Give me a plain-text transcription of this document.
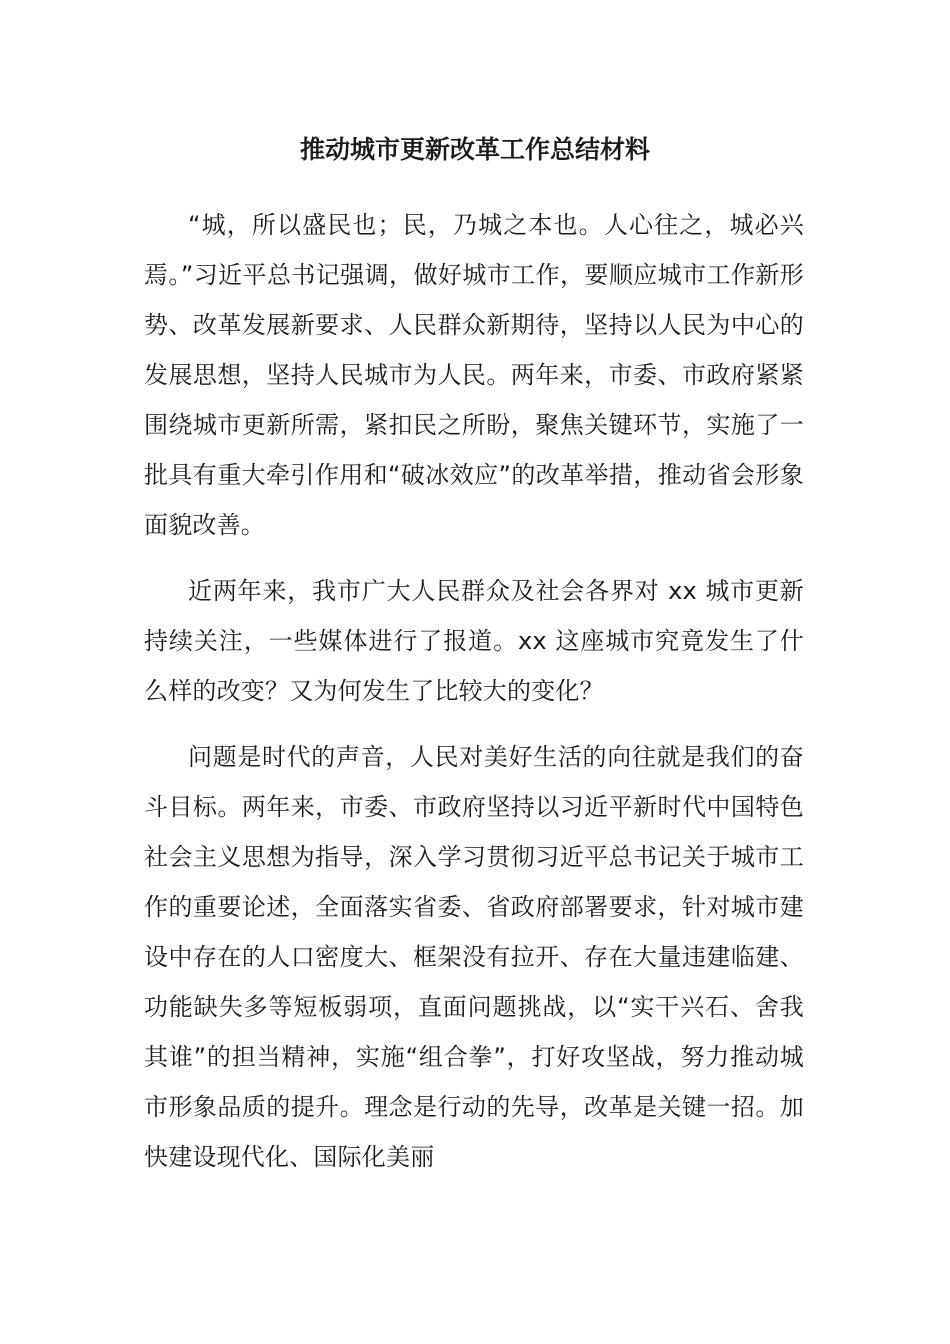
推动城市更新改革工作总结材料

“城，所以盛民也；民，乃城之本也。人心往之，城必兴焉。”习近平总书记强调，做好城市工作，要顺应城市工作新形势、改革发展新要求、人民群众新期待，坚持以人民为中心的发展思想，坚持人民城市为人民。两年来，市委、市政府紧紧围绕城市更新所需，紧扣民之所盼，聚焦关键环节，实施了一批具有重大牵引作用和“破冰效应”的改革举措，推动省会形象面貌改善。

近两年来，我市广大人民群众及社会各界对 xx 城市更新持续关注，一些媒体进行了报道。xx 这座城市究竟发生了什么样的改变？又为何发生了比较大的变化？

问题是时代的声音，人民对美好生活的向往就是我们的奋斗目标。两年来，市委、市政府坚持以习近平新时代中国特色社会主义思想为指导，深入学习贯彻习近平总书记关于城市工作的重要论述，全面落实省委、省政府部署要求，针对城市建设中存在的人口密度大、框架没有拉开、存在大量违建临建、功能缺失多等短板弱项，直面问题挑战，以“实干兴石、舍我其谁”的担当精神，实施“组合拳”，打好攻坚战，努力推动城市形象品质的提升。理念是行动的先导，改革是关键一招。加快建设现代化、国际化美丽
